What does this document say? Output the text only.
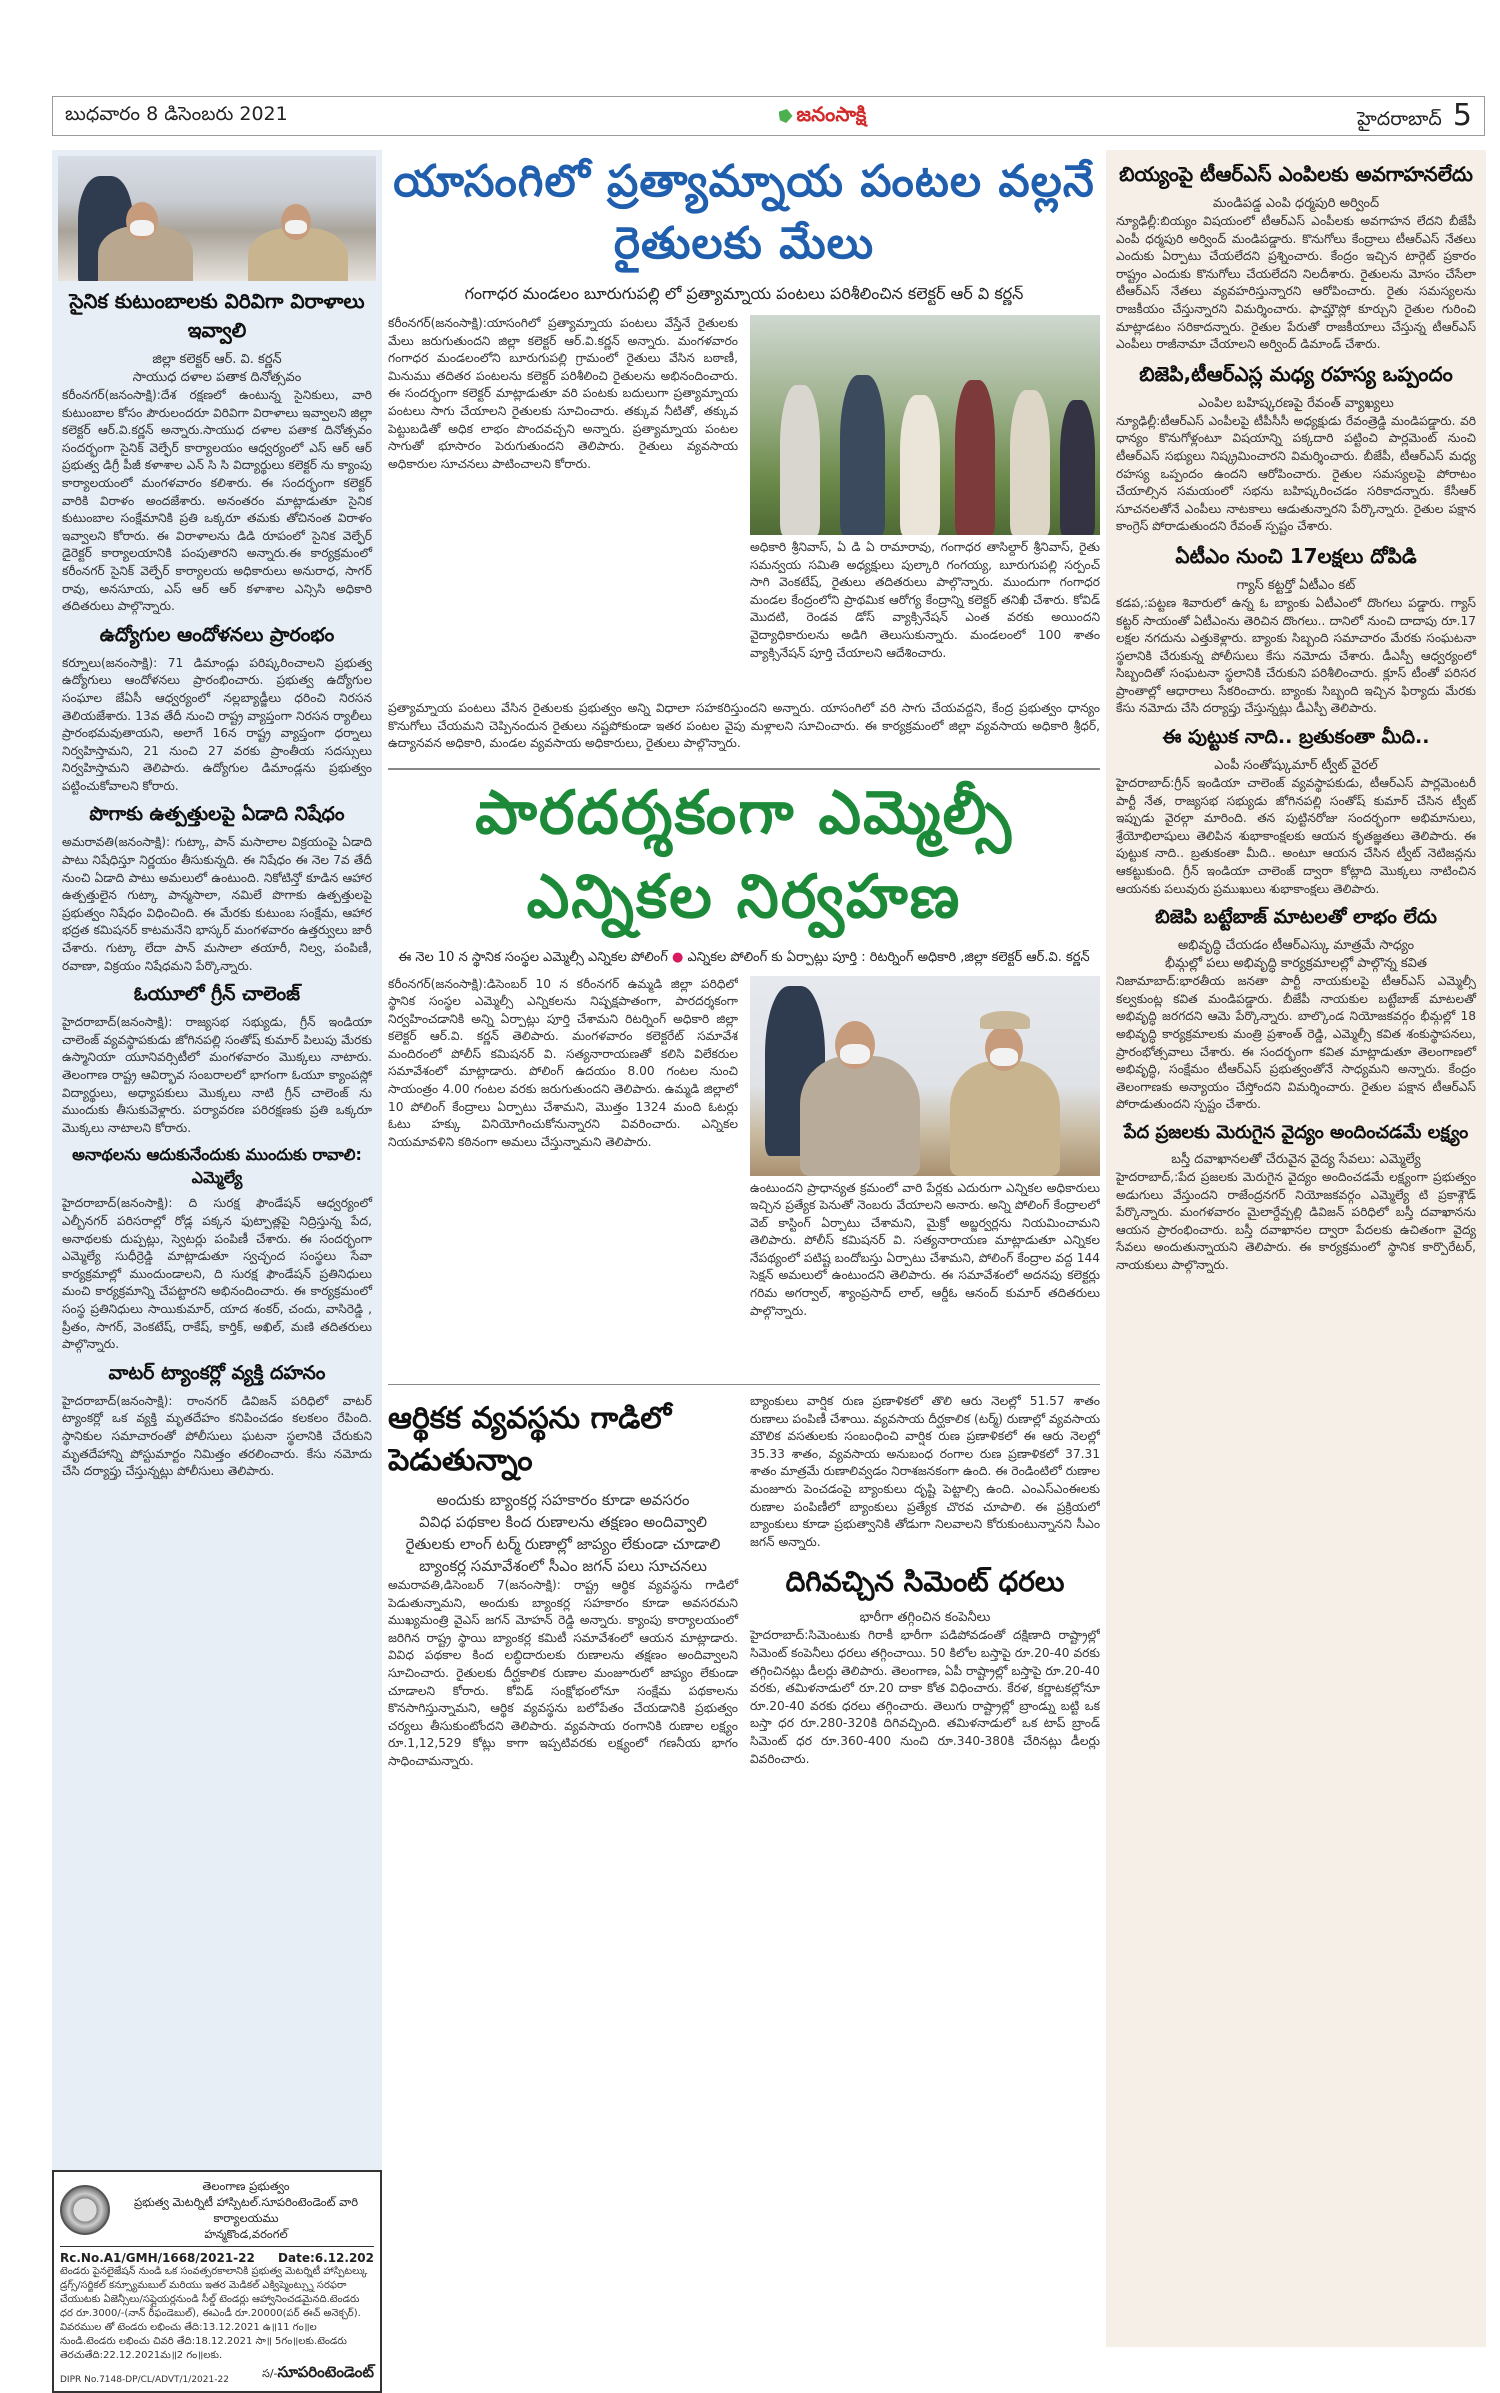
బుధవారం 8 డిసెంబరు 2021	జనంసాక్షి	హైదరాబాద్ 5
సైనిక కుటుంబాలకు విరివిగా విరాళాలు ఇవ్వాలి
జిల్లా కలెక్టర్ ఆర్. వి. కర్ణన్
సాయుధ దళాల పతాక దినోత్సవం
కరీంనగర్(జనంసాక్షి):దేశ రక్షణలో ఉంటున్న సైనికులు, వారి కుటుంబాల కోసం పౌరులందరూ విరివిగా విరాళాలు ఇవ్వాలని జిల్లా కలెక్టర్ ఆర్.వి.కర్ణన్ అన్నారు.సాయుధ దళాల పతాక దినోత్సవం సందర్భంగా సైనిక్ వెల్ఫేర్ కార్యాలయం ఆధ్వర్యంలో ఎస్ ఆర్ ఆర్ ప్రభుత్వ డిగ్రీ పీజీ కళాశాల ఎన్ సి సి విద్యార్థులు కలెక్టర్ ను క్యాంపు కార్యాలయంలో మంగళవారం కలిశారు. ఈ సందర్భంగా కలెక్టర్ వారికి విరాళం అందజేశారు. అనంతరం మాట్లాడుతూ సైనిక కుటుంబాల సంక్షేమానికి ప్రతి ఒక్కరూ తమకు తోచినంత విరాళం ఇవ్వాలని కోరారు. ఈ విరాళాలను డిడి రూపంలో సైనిక వెల్ఫేర్ డైరెక్టర్ కార్యాలయానికి పంపుతారని అన్నారు.ఈ కార్యక్రమంలో కరీంనగర్ సైనిక్ వెల్ఫేర్ కార్యాలయ అధికారులు అనురాధ, సాగర్ రావు, అనసూయ, ఎస్ ఆర్ ఆర్ కళాశాల ఎన్సిసి అధికారి తదితరులు పాల్గొన్నారు.
ఉద్యోగుల ఆందోళనలు ప్రారంభం
కర్నూలు(జనంసాక్షి): 71 డిమాండ్లు పరిష్కరించాలని ప్రభుత్వ ఉద్యోగులు ఆందోళనలు ప్రారంభించారు. ప్రభుత్వ ఉద్యోగుల సంఘాల జేఏసీ ఆధ్వర్యంలో నల్లబ్యాడ్జీలు ధరించి నిరసన తెలియజేశారు. 13వ తేదీ నుంచి రాష్ట్ర వ్యాప్తంగా నిరసన ర్యాలీలు ప్రారంభమవుతాయని, అలాగే 16న రాష్ట్ర వ్యాప్తంగా ధర్నాలు నిర్వహిస్తామని, 21 నుంచి 27 వరకు ప్రాంతీయ సదస్సులు నిర్వహిస్తామని తెలిపారు. ఉద్యోగుల డిమాండ్లను ప్రభుత్వం పట్టించుకోవాలని కోరారు.
పొగాకు ఉత్పత్తులపై ఏడాది నిషేధం
అమరావతి(జనంసాక్షి): గుట్కా, పాన్ మసాలాల విక్రయంపై ఏడాది పాటు నిషేధిస్తూ నిర్ణయం తీసుకున్నది. ఈ నిషేధం ఈ నెల 7వ తేదీ నుంచి ఏడాది పాటు అమలులో ఉంటుంది. నికోటిన్తో కూడిన ఆహార ఉత్పత్తులైన గుట్కా పాన్మసాలా, నమిలే పొగాకు ఉత్పత్తులపై ప్రభుత్వం నిషేధం విధించింది. ఈ మేరకు కుటుంబ సంక్షేమ, ఆహార భద్రత కమిషనర్ కాటమనేని భాస్కర్ మంగళవారం ఉత్తర్వులు జారీ చేశారు. గుట్కా లేదా పాన్ మసాలా తయారీ, నిల్వ, పంపిణీ, రవాణా, విక్రయం నిషేధమని పేర్కొన్నారు.
ఓయూలో గ్రీన్ చాలెంజ్
హైదరాబాద్(జనంసాక్షి): రాజ్యసభ సభ్యుడు, గ్రీన్ ఇండియా చాలెంజ్ వ్యవస్థాపకుడు జోగినపల్లి సంతోష్ కుమార్ పిలుపు మేరకు ఉస్మానియా యూనివర్సిటీలో మంగళవారం మొక్కలు నాటారు. తెలంగాణ రాష్ట్ర ఆవిర్భావ సంబరాలలో భాగంగా ఓయూ క్యాంపస్లో విద్యార్థులు, అధ్యాపకులు మొక్కలు నాటి గ్రీన్ చాలెంజ్ ను ముందుకు తీసుకువెళ్లారు. పర్యావరణ పరిరక్షణకు ప్రతి ఒక్కరూ మొక్కలు నాటాలని కోరారు.
అనాథలను ఆదుకునేందుకు ముందుకు రావాలి: ఎమ్మెల్యే
హైదరాబాద్(జనంసాక్షి): ది సురక్ష ఫౌండేషన్ ఆధ్వర్యంలో ఎల్బీనగర్ పరిసరాల్లో రోడ్ల పక్కన ఫుట్పాత్లపై నిద్రిస్తున్న పేద, అనాథలకు దుప్పట్లు, స్వెటర్లు పంపిణీ చేశారు. ఈ సందర్భంగా ఎమ్మెల్యే సుధీర్రెడ్డి మాట్లాడుతూ స్వచ్ఛంద సంస్థలు సేవా కార్యక్రమాల్లో ముందుండాలని, ది సురక్ష ఫౌండేషన్ ప్రతినిధులు మంచి కార్యక్రమాన్ని చేపట్టారని అభినందించారు. ఈ కార్యక్రమంలో సంస్థ ప్రతినిధులు సాయికుమార్, యాద శంకర్, చందు, వాసిరెడ్డి , ప్రీతం, సాగర్, వెంకటేష్, రాకేష్, కార్తిక్, అఖిల్, మణి తదితరులు పాల్గొన్నారు.
వాటర్ ట్యాంకర్లో వ్యక్తి దహనం
హైదరాబాద్(జనంసాక్షి): రాంనగర్ డివిజన్ పరిధిలో వాటర్ ట్యాంకర్లో ఒక వ్యక్తి మృతదేహం కనిపించడం కలకలం రేపింది. స్థానికుల సమాచారంతో పోలీసులు ఘటనా స్థలానికి చేరుకుని మృతదేహాన్ని పోస్టుమార్టం నిమిత్తం తరలించారు. కేసు నమోదు చేసి దర్యాప్తు చేస్తున్నట్లు పోలీసులు తెలిపారు.
తెలంగాణ ప్రభుత్వం
ప్రభుత్వ మెటర్నిటీ హాస్పిటల్.సూపరింటెండెంట్ వారి కార్యాలయము
హన్మకొండ,వరంగల్
Rc.No.A1/GMH/1668/2021-22 Date:6.12.202
టెండరు పైనలైజేషన్ నుండి ఒక సంవత్సరకాలానికి ప్రభుత్వ మెటర్నిటీ హాస్పిటల్కు డ్రగ్స్/సర్జికల్ కన్స్యూమబుల్ మరియు ఇతర మెడికల్ ఎక్విప్మెంట్స్ను సరఫరా చేయుటకు ఏజెన్సీలు/సప్లైయర్లనుండి సీల్డ్ టెండర్లు ఆహ్వానించడమైనది.టెండరు ధర రూ.3000/-(నాన్ రీఫండెబుల్), ఈఎండీ రూ.20000(పర్ ఈచ్ అనెక్చర్). వివరముల తో టెండరు లభించు తేది:13.12.2021 ఉ॥11 గం॥ల నుండి.టెండరు లభించు చివరి తేది:18.12.2021 సా॥ 5గం॥లకు.టెండరు తెరచుతేది:22.12.2021మ॥2 గం॥లకు.
DIPR No.7148-DP/CL/ADVT/1/2021-22	స/-సూపరింటెండెంట్
యాసంగిలో ప్రత్యామ్నాయ పంటల వల్లనే రైతులకు మేలు
గంగాధర మండలం బూరుగుపల్లి లో ప్రత్యామ్నాయ పంటలు పరిశీలించిన కలెక్టర్ ఆర్ వి కర్ణన్
కరీంనగర్(జనంసాక్షి):యాసంగిలో ప్రత్యామ్నాయ పంటలు వేస్తేనే రైతులకు మేలు జరుగుతుందని జిల్లా కలెక్టర్ ఆర్.వి.కర్ణన్ అన్నారు. మంగళవారం గంగాధర మండలంలోని బూరుగుపల్లి గ్రామంలో రైతులు వేసిన బఠాణీ, మినుము తదితర పంటలను కలెక్టర్ పరిశీలించి రైతులను అభినందించారు. ఈ సందర్భంగా కలెక్టర్ మాట్లాడుతూ వరి పంటకు బదులుగా ప్రత్యామ్నాయ పంటలు సాగు చేయాలని రైతులకు సూచించారు. తక్కువ నీటితో, తక్కువ పెట్టుబడితో అధిక లాభం పొందవచ్చని అన్నారు. ప్రత్యామ్నాయ పంటల సాగుతో భూసారం పెరుగుతుందని తెలిపారు. రైతులు వ్యవసాయ అధికారుల సూచనలు పాటించాలని కోరారు.
అధికారి శ్రీనివాస్, ఏ డి ఏ రామారావు, గంగాధర తాసిల్దార్ శ్రీనివాస్, రైతు సమన్వయ సమితి అధ్యక్షులు పుల్కారి గంగయ్య, బూరుగుపల్లి సర్పంచ్ సాగి వెంకటేష్, రైతులు తదితరులు పాల్గొన్నారు. ముందుగా గంగాధర మండల కేంద్రంలోని ప్రాథమిక ఆరోగ్య కేంద్రాన్ని కలెక్టర్ తనిఖీ చేశారు. కోవిడ్ మొదటి, రెండవ డోస్ వ్యాక్సినేషన్ ఎంత వరకు అయిందని వైద్యాధికారులను అడిగి తెలుసుకున్నారు. మండలంలో 100 శాతం వ్యాక్సినేషన్ పూర్తి చేయాలని ఆదేశించారు.
ప్రత్యామ్నాయ పంటలు వేసిన రైతులకు ప్రభుత్వం అన్ని విధాలా సహకరిస్తుందని అన్నారు. యాసంగిలో వరి సాగు చేయవద్దని, కేంద్ర ప్రభుత్వం ధాన్యం కొనుగోలు చేయమని చెప్పినందున రైతులు నష్టపోకుండా ఇతర పంటల వైపు మళ్లాలని సూచించారు. ఈ కార్యక్రమంలో జిల్లా వ్యవసాయ అధికారి శ్రీధర్, ఉద్యానవన అధికారి, మండల వ్యవసాయ అధికారులు, రైతులు పాల్గొన్నారు.
పారదర్శకంగా ఎమ్మెల్సీ ఎన్నికల నిర్వహణ
ఈ నెల 10 న స్థానిక సంస్థల ఎమ్మెల్సీ ఎన్నికల పోలింగ్ ● ఎన్నికల పోలింగ్ కు ఏర్పాట్లు పూర్తి : రిటర్నింగ్ అధికారి ,జిల్లా కలెక్టర్ ఆర్.వి. కర్ణన్
కరీంనగర్(జనంసాక్షి):డిసెంబర్ 10 న కరీంనగర్ ఉమ్మడి జిల్లా పరిధిలో స్థానిక సంస్థల ఎమ్మెల్సీ ఎన్నికలను నిష్పక్షపాతంగా, పారదర్శకంగా నిర్వహించడానికి అన్ని ఏర్పాట్లు పూర్తి చేశామని రిటర్నింగ్ అధికారి జిల్లా కలెక్టర్ ఆర్.వి. కర్ణన్ తెలిపారు. మంగళవారం కలెక్టరేట్ సమావేశ మందిరంలో పోలీస్ కమిషనర్ వి. సత్యనారాయణతో కలిసి విలేకరుల సమావేశంలో మాట్లాడారు. పోలింగ్ ఉదయం 8.00 గంటల నుంచి సాయంత్రం 4.00 గంటల వరకు జరుగుతుందని తెలిపారు. ఉమ్మడి జిల్లాలో 10 పోలింగ్ కేంద్రాలు ఏర్పాటు చేశామని, మొత్తం 1324 మంది ఓటర్లు ఓటు హక్కు వినియోగించుకోనున్నారని వివరించారు. ఎన్నికల నియమావళిని కఠినంగా అమలు చేస్తున్నామని తెలిపారు.
ఉంటుందని ప్రాధాన్యత క్రమంలో వారి పేర్లకు ఎదురుగా ఎన్నికల అధికారులు ఇచ్చిన ప్రత్యేక పెనుతో నెంబరు వేయాలని అనారు. అన్ని పోలింగ్ కేంద్రాలలో వెబ్ కాస్టింగ్ ఏర్పాటు చేశామని, మైక్రో అబ్జర్వర్లను నియమించామని తెలిపారు. పోలీస్ కమిషనర్ వి. సత్యనారాయణ మాట్లాడుతూ ఎన్నికల నేపథ్యంలో పటిష్ట బందోబస్తు ఏర్పాటు చేశామని, పోలింగ్ కేంద్రాల వద్ద 144 సెక్షన్ అమలులో ఉంటుందని తెలిపారు. ఈ సమావేశంలో అదనపు కలెక్టర్లు గరిమ అగర్వాల్, శ్యాంప్రసాద్ లాల్, ఆర్డీఓ ఆనంద్ కుమార్ తదితరులు పాల్గొన్నారు.
ఆర్థికక వ్యవస్థను గాడిలో పెడుతున్నాం
అందుకు బ్యాంకర్ల సహకారం కూడా అవసరం
వివిధ పథకాల కింద రుణాలను తక్షణం అందివ్వాలి
రైతులకు లాంగ్ టర్మ్ రుణాల్లో జాప్యం లేకుండా చూడాలి
బ్యాంకర్ల సమావేశంలో సీఎం జగన్ పలు సూచనలు
అమరావతి,డిసెంబర్ 7(జనంసాక్షి): రాష్ట్ర ఆర్థిక వ్యవస్థను గాడిలో పెడుతున్నామని, అందుకు బ్యాంకర్ల సహకారం కూడా అవసరమని ముఖ్యమంత్రి వైఎస్ జగన్ మోహన్ రెడ్డి అన్నారు. క్యాంపు కార్యాలయంలో జరిగిన రాష్ట్ర స్థాయి బ్యాంకర్ల కమిటీ సమావేశంలో ఆయన మాట్లాడారు. వివిధ పథకాల కింద లబ్ధిదారులకు రుణాలను తక్షణం అందివ్వాలని సూచించారు. రైతులకు దీర్ఘకాలిక రుణాల మంజూరులో జాప్యం లేకుండా చూడాలని కోరారు. కోవిడ్ సంక్షోభంలోనూ సంక్షేమ పథకాలను కొనసాగిస్తున్నామని, ఆర్థిక వ్యవస్థను బలోపేతం చేయడానికి ప్రభుత్వం చర్యలు తీసుకుంటోందని తెలిపారు. వ్యవసాయ రంగానికి రుణాల లక్ష్యం రూ.1,12,529 కోట్లు కాగా ఇప్పటివరకు లక్ష్యంలో గణనీయ భాగం సాధించామన్నారు.
బ్యాంకులు వార్షిక రుణ ప్రణాళికలో తొలి ఆరు నెలల్లో 51.57 శాతం రుణాలు పంపిణీ చేశాయి. వ్యవసాయ దీర్ఘకాలిక (టర్మ్) రుణాల్లో వ్యవసాయ మౌలిక వసతులకు సంబంధించి వార్షిక రుణ ప్రణాళికలో ఈ ఆరు నెలల్లో 35.33 శాతం, వ్యవసాయ అనుబంధ రంగాల రుణ ప్రణాళికలో 37.31 శాతం మాత్రమే రుణాలివ్వడం నిరాశజనకంగా ఉంది. ఈ రెండింటిలో రుణాల మంజూరు పెంచడంపై బ్యాంకులు దృష్టి పెట్టాల్సి ఉంది. ఎంఎస్ఎంఈలకు రుణాల పంపిణీలో బ్యాంకులు ప్రత్యేక చొరవ చూపాలి. ఈ ప్రక్రియలో బ్యాంకులు కూడా ప్రభుత్వానికి తోడుగా నిలవాలని కోరుకుంటున్నానని సీఎం జగన్ అన్నారు.
దిగివచ్చిన సిమెంట్ ధరలు
భారీగా తగ్గించిన కంపెనీలు
హైదరాబాద్:సిమెంటుకు గిరాకీ భారీగా పడిపోవడంతో దక్షిణాది రాష్ట్రాల్లో సిమెంట్ కంపెనీలు ధరలు తగ్గించాయి. 50 కిలోల బస్తాపై రూ.20-40 వరకు తగ్గించినట్లు డీలర్లు తెలిపారు. తెలంగాణ, ఏపీ రాష్ట్రాల్లో బస్తాపై రూ.20-40 వరకు, తమిళనాడులో రూ.20 దాకా కోత విధించారు. కేరళ, కర్ణాటకల్లోనూ రూ.20-40 వరకు ధరలు తగ్గించారు. తెలుగు రాష్ట్రాల్లో బ్రాండ్ను బట్టి ఒక బస్తా ధర రూ.280-320కి దిగివచ్చింది. తమిళనాడులో ఒక టాప్ బ్రాండ్ సిమెంట్ ధర రూ.360-400 నుంచి రూ.340-380కి చేరినట్లు డీలర్లు వివరించారు.
బియ్యంపై టీఆర్ఎస్ ఎంపిలకు అవగాహనలేదు
మండిపడ్డ ఎంపి ధర్మపురి అర్వింద్
న్యూఢిల్లీ:బియ్యం విషయంలో టీఆర్ఎస్ ఎంపీలకు అవగాహన లేదని బీజేపీ ఎంపీ ధర్మపురి అర్వింద్ మండిపడ్డారు. కొనుగోలు కేంద్రాలు టీఆర్ఎస్ నేతలు ఎందుకు ఏర్పాటు చేయలేదని ప్రశ్నించారు. కేంద్రం ఇచ్చిన టార్గెట్ ప్రకారం రాష్ట్రం ఎందుకు కొనుగోలు చేయలేదని నిలదీశారు. రైతులను మోసం చేసేలా టీఆర్ఎస్ నేతలు వ్యవహరిస్తున్నారని ఆరోపించారు. రైతు సమస్యలను రాజకీయం చేస్తున్నారని విమర్శించారు. ఫామ్హౌస్లో కూర్చుని రైతుల గురించి మాట్లాడటం సరికాదన్నారు. రైతుల పేరుతో రాజకీయాలు చేస్తున్న టీఆర్ఎస్ ఎంపీలు రాజీనామా చేయాలని అర్వింద్ డిమాండ్ చేశారు.
బిజెపి,టీఆర్ఎస్ల మధ్య రహస్య ఒప్పందం
ఎంపిల బహిష్కరణపై రేవంత్ వ్యాఖ్యలు
న్యూఢిల్లీ:టీఆర్ఎస్ ఎంపీలపై టీపీసీసీ అధ్యక్షుడు రేవంత్రెడ్డి మండిపడ్డారు. వరి ధాన్యం కొనుగోళ్లంటూ విషయాన్ని పక్కదారి పట్టించి పార్లమెంట్ నుంచి టీఆర్ఎస్ సభ్యులు నిష్క్రమించారని విమర్శించారు. బీజేపీ, టీఆర్ఎస్ మధ్య రహస్య ఒప్పందం ఉందని ఆరోపించారు. రైతుల సమస్యలపై పోరాటం చేయాల్సిన సమయంలో సభను బహిష్కరించడం సరికాదన్నారు. కేసీఆర్ సూచనలతోనే ఎంపీలు నాటకాలు ఆడుతున్నారని పేర్కొన్నారు. రైతుల పక్షాన కాంగ్రెస్ పోరాడుతుందని రేవంత్ స్పష్టం చేశారు.
ఏటీఎం నుంచి 17లక్షలు దోపిడి
గ్యాస్ కట్టర్తో ఏటీఎం కట్
కడప,:పట్టణ శివారులో ఉన్న ఓ బ్యాంకు ఏటీఎంలో దొంగలు పడ్డారు. గ్యాస్ కట్టర్ సాయంతో ఏటీఎంను తెరిచిన దొంగలు.. దానిలో నుంచి దాదాపు రూ.17 లక్షల నగదును ఎత్తుకెళ్లారు. బ్యాంకు సిబ్బంది సమాచారం మేరకు సంఘటనా స్థలానికి చేరుకున్న పోలీసులు కేసు నమోదు చేశారు. డీఎస్పీ ఆధ్వర్యంలో సిబ్బందితో సంఘటనా స్థలానికి చేరుకుని పరిశీలించారు. క్లూస్ టీంతో పరిసర ప్రాంతాల్లో ఆధారాలు సేకరించారు. బ్యాంకు సిబ్బంది ఇచ్చిన ఫిర్యాదు మేరకు కేసు నమోదు చేసి దర్యాప్తు చేస్తున్నట్లు డీఎస్పీ తెలిపారు.
ఈ పుట్టుక నాది.. బ్రతుకంతా మీది..
ఎంపీ సంతోష్కుమార్ ట్వీట్ వైరల్
హైదరాబాద్:గ్రీన్ ఇండియా చాలెంజ్ వ్యవస్థాపకుడు, టీఆర్ఎస్ పార్లమెంటరీ పార్టీ నేత, రాజ్యసభ సభ్యుడు జోగినపల్లి సంతోష్ కుమార్ చేసిన ట్వీట్ ఇప్పుడు వైరల్గా మారింది. తన పుట్టినరోజు సందర్భంగా అభిమానులు, శ్రేయోభిలాషులు తెలిపిన శుభాకాంక్షలకు ఆయన కృతజ్ఞతలు తెలిపారు. ఈ పుట్టుక నాది.. బ్రతుకంతా మీది.. అంటూ ఆయన చేసిన ట్వీట్ నెటిజన్లను ఆకట్టుకుంది. గ్రీన్ ఇండియా చాలెంజ్ ద్వారా కోట్లాది మొక్కలు నాటించిన ఆయనకు పలువురు ప్రముఖులు శుభాకాంక్షలు తెలిపారు.
బిజెపి బట్టేబాజ్ మాటలతో లాభం లేదు
అభివృద్ధి చేయడం టీఆర్ఎస్కు మాత్రమే సాధ్యం
భీమ్గల్లో పలు అభివృద్ధి కార్యక్రమాలల్లో పాల్గొన్న కవిత
నిజామాబాద్:భారతీయ జనతా పార్టీ నాయకులపై టీఆర్ఎస్ ఎమ్మెల్సీ కల్వకుంట్ల కవిత మండిపడ్డారు. బీజేపీ నాయకుల బట్టేబాజ్ మాటలతో అభివృద్ధి జరగదని ఆమె పేర్కొన్నారు. బాల్కొండ నియోజకవర్గం భీమ్గల్లో 18 అభివృద్ధి కార్యక్రమాలకు మంత్రి ప్రశాంత్ రెడ్డి, ఎమ్మెల్సీ కవిత శంకుస్థాపనలు, ప్రారంభోత్సవాలు చేశారు. ఈ సందర్భంగా కవిత మాట్లాడుతూ తెలంగాణలో అభివృద్ధి, సంక్షేమం టీఆర్ఎస్ ప్రభుత్వంతోనే సాధ్యమని అన్నారు. కేంద్రం తెలంగాణకు అన్యాయం చేస్తోందని విమర్శించారు. రైతుల పక్షాన టీఆర్ఎస్ పోరాడుతుందని స్పష్టం చేశారు.
పేద ప్రజలకు మెరుగైన వైద్యం అందించడమే లక్ష్యం
బస్తీ దవాఖానలతో చేరువైన వైద్య సేవలు: ఎమ్మెల్యే
హైదరాబాద్,:పేద ప్రజలకు మెరుగైన వైద్యం అందించడమే లక్ష్యంగా ప్రభుత్వం అడుగులు వేస్తుందని రాజేంద్రనగర్ నియోజకవర్గం ఎమ్మెల్యే టి ప్రకాశ్గౌడ్ పేర్కొన్నారు. మంగళవారం మైలార్దేవ్పల్లి డివిజన్ పరిధిలో బస్తీ దవాఖానను ఆయన ప్రారంభించారు. బస్తీ దవాఖానల ద్వారా పేదలకు ఉచితంగా వైద్య సేవలు అందుతున్నాయని తెలిపారు. ఈ కార్యక్రమంలో స్థానిక కార్పొరేటర్, నాయకులు పాల్గొన్నారు.
